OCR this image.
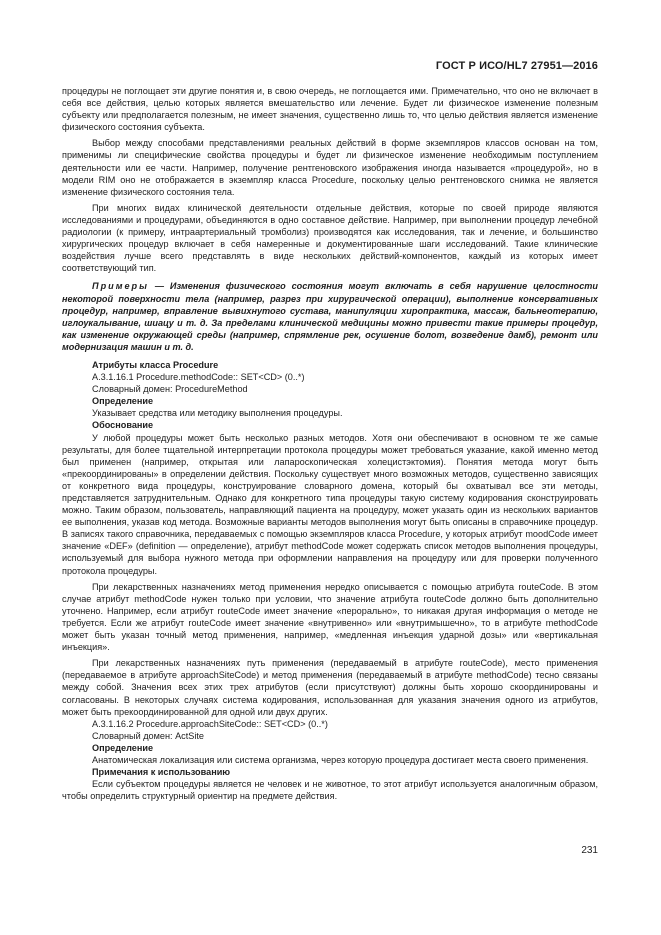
ГОСТ Р ИСО/HL7 27951—2016

процедуры не поглощает эти другие понятия и, в свою очередь, не поглощается ими. Примечательно, что оно не включает в себя все действия, целью которых является вмешательство или лечение. Будет ли физическое изменение полезным субъекту или предполагается полезным, не имеет значения, существенно лишь то, что целью действия является изменение физического состояния субъекта.

Выбор между способами представлениями реальных действий в форме экземпляров классов основан на том, применимы ли специфические свойства процедуры и будет ли физическое изменение необходимым поступлением деятельности или ее части. Например, получение рентгеновского изображения иногда называется «процедурой», но в модели RIM оно не отображается в экземпляр класса Procedure, поскольку целью рентгеновского снимка не является изменение физического состояния тела.

При многих видах клинической деятельности отдельные действия, которые по своей природе являются исследованиями и процедурами, объединяются в одно составное действие. Например, при выполнении процедур лечебной радиологии (к примеру, интраартериальный тромболиз) производятся как исследования, так и лечение, и большинство хирургических процедур включает в себя намеренные и документированные шаги исследований. Такие клинические воздействия лучше всего представлять в виде нескольких действий-компонентов, каждый из которых имеет соответствующий тип.

Примеры — Изменения физического состояния могут включать в себя нарушение целостности некоторой поверхности тела (например, разрез при хирургической операции), выполнение консервативных процедур, например, вправление вывихнутого сустава, манипуляции хиропрактика, массаж, бальнеотерапию, иглоукалывание, шиацу и т. д. За пределами клинической медицины можно привести такие примеры процедур, как изменение окружающей среды (например, спрямление рек, осушение болот, возведение дамб), ремонт или модернизация машин и т. д.

Атрибуты класса Procedure

A.3.1.16.1 Procedure.methodCode:: SET<CD> (0..*)

Словарный домен: ProcedureMethod

Определение

Указывает средства или методику выполнения процедуры.

Обоснование

У любой процедуры может быть несколько разных методов. Хотя они обеспечивают в основном те же самые результаты, для более тщательной интерпретации протокола процедуры может требоваться указание, какой именно метод был применен (например, открытая или лапароскопическая холецистэктомия). Понятия метода могут быть «прекоординированы» в определении действия. Поскольку существует много возможных методов, существенно зависящих от конкретного вида процедуры, конструирование словарного домена, который бы охватывал все эти методы, представляется затруднительным. Однако для конкретного типа процедуры такую систему кодирования сконструировать можно. Таким образом, пользователь, направляющий пациента на процедуру, может указать один из нескольких вариантов ее выполнения, указав код метода. Возможные варианты методов выполнения могут быть описаны в справочнике процедур. В записях такого справочника, передаваемых с помощью экземпляров класса Procedure, у которых атрибут moodCode имеет значение «DEF» (definition — определение), атрибут methodCode может содержать список методов выполнения процедуры, используемый для выбора нужного метода при оформлении направления на процедуру или для проверки полученного протокола процедуры.

При лекарственных назначениях метод применения нередко описывается с помощью атрибута routeCode. В этом случае атрибут methodCode нужен только при условии, что значение атрибута routeCode должно быть дополнительно уточнено. Например, если атрибут routeCode имеет значение «перорально», то никакая другая информация о методе не требуется. Если же атрибут routeCode имеет значение «внутривенно» или «внутримышечно», то в атрибуте methodCode может быть указан точный метод применения, например, «медленная инъекция ударной дозы» или «вертикальная инъекция».

При лекарственных назначениях путь применения (передаваемый в атрибуте routeCode), место применения (передаваемое в атрибуте approachSiteCode) и метод применения (передаваемый в атрибуте methodCode) тесно связаны между собой. Значения всех этих трех атрибутов (если присутствуют) должны быть хорошо скоординированы и согласованы. В некоторых случаях система кодирования, использованная для указания значения одного из атрибутов, может быть прекоординированной для одной или двух других.

A.3.1.16.2 Procedure.approachSiteCode:: SET<CD> (0..*)

Словарный домен: ActSite

Определение

Анатомическая локализация или система организма, через которую процедура достигает места своего применения.

Примечания к использованию

Если субъектом процедуры является не человек и не животное, то этот атрибут используется аналогичным образом, чтобы определить структурный ориентир на предмете действия.

231
